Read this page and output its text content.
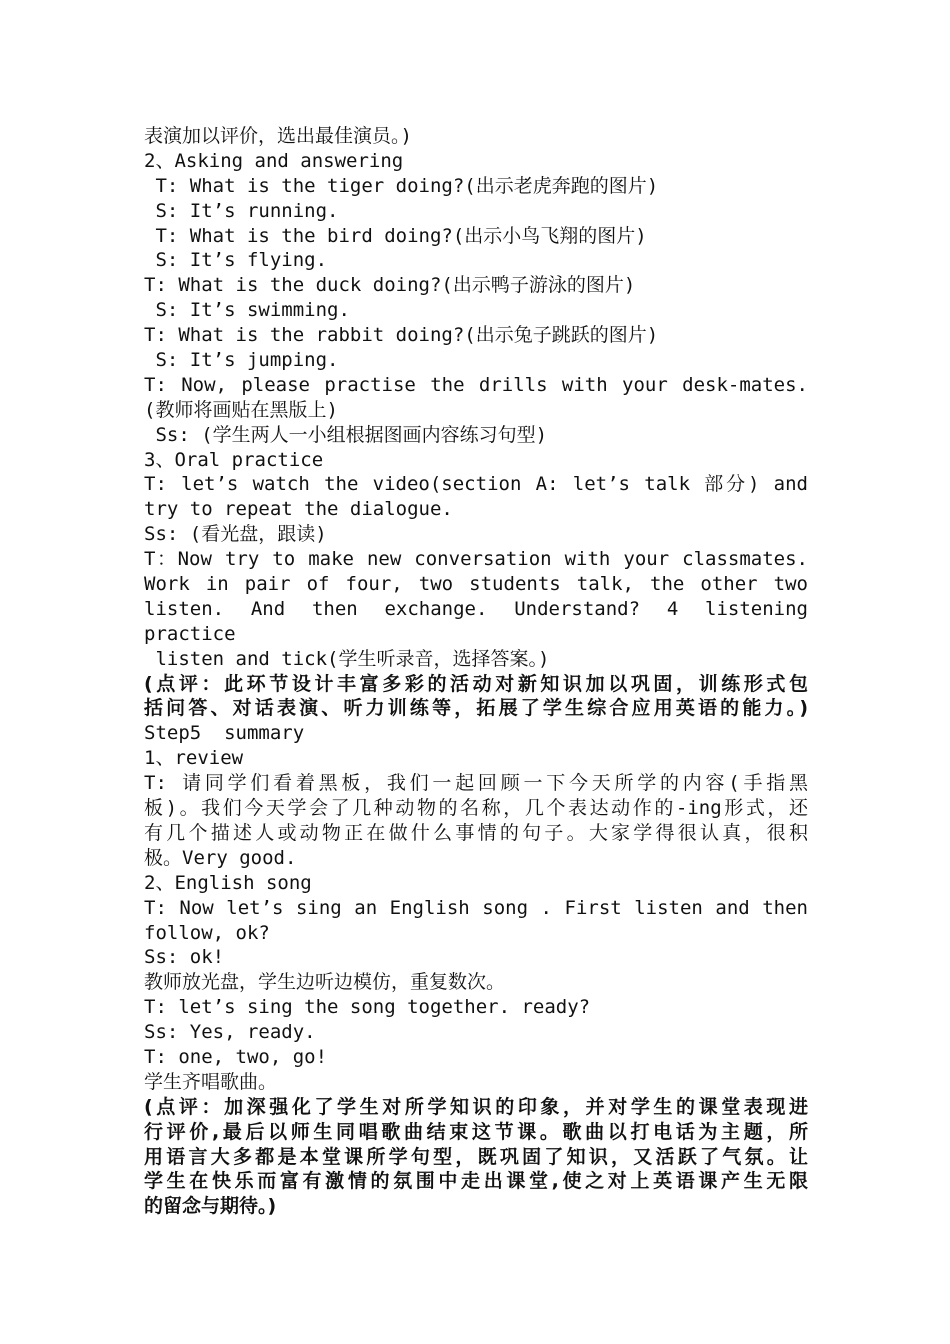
表演加以评价，选出最佳演员。)
2、Asking and answering
T: What is the tiger doing?(出示老虎奔跑的图片)
S: It’s running.
T: What is the bird doing?(出示小鸟飞翔的图片)
S: It’s flying.
T: What is the duck doing?(出示鸭子游泳的图片)
S: It’s swimming.
T: What is the rabbit doing?(出示兔子跳跃的图片)
S: It’s jumping.
T: Now, please practise the drills with your desk-mates.
(教师将画贴在黑版上)
Ss: (学生两人一小组根据图画内容练习句型)
3、Oral practice
T: let’s watch the video(section A: let’s talk 部分) and
try to repeat the dialogue.
Ss: (看光盘，跟读)
T：Now try to make new conversation with your classmates.
Work in pair of four, two students talk, the other two
listen. And then exchange. Understand? 4 listening
practice
listen and tick(学生听录音，选择答案。)
(点评：此环节设计丰富多彩的活动对新知识加以巩固，训练形式包
括问答、对话表演、听力训练等，拓展了学生综合应用英语的能力。)
Step5  summary
1、review
T: 请同学们看着黑板，我们一起回顾一下今天所学的内容(手指黑
板)。我们今天学会了几种动物的名称，几个表达动作的-ing形式，还
有几个描述人或动物正在做什么事情的句子。大家学得很认真，很积
极。Very good.
2、English song
T: Now let’s sing an English song . First listen and then
follow, ok?
Ss: ok!
教师放光盘，学生边听边模仿，重复数次。
T: let’s sing the song together. ready?
Ss: Yes, ready.
T: one, two, go!
学生齐唱歌曲。
(点评：加深强化了学生对所学知识的印象，并对学生的课堂表现进
行评价,最后以师生同唱歌曲结束这节课。歌曲以打电话为主题，所
用语言大多都是本堂课所学句型，既巩固了知识，又活跃了气氛。让
学生在快乐而富有激情的氛围中走出课堂,使之对上英语课产生无限
的留念与期待。)
